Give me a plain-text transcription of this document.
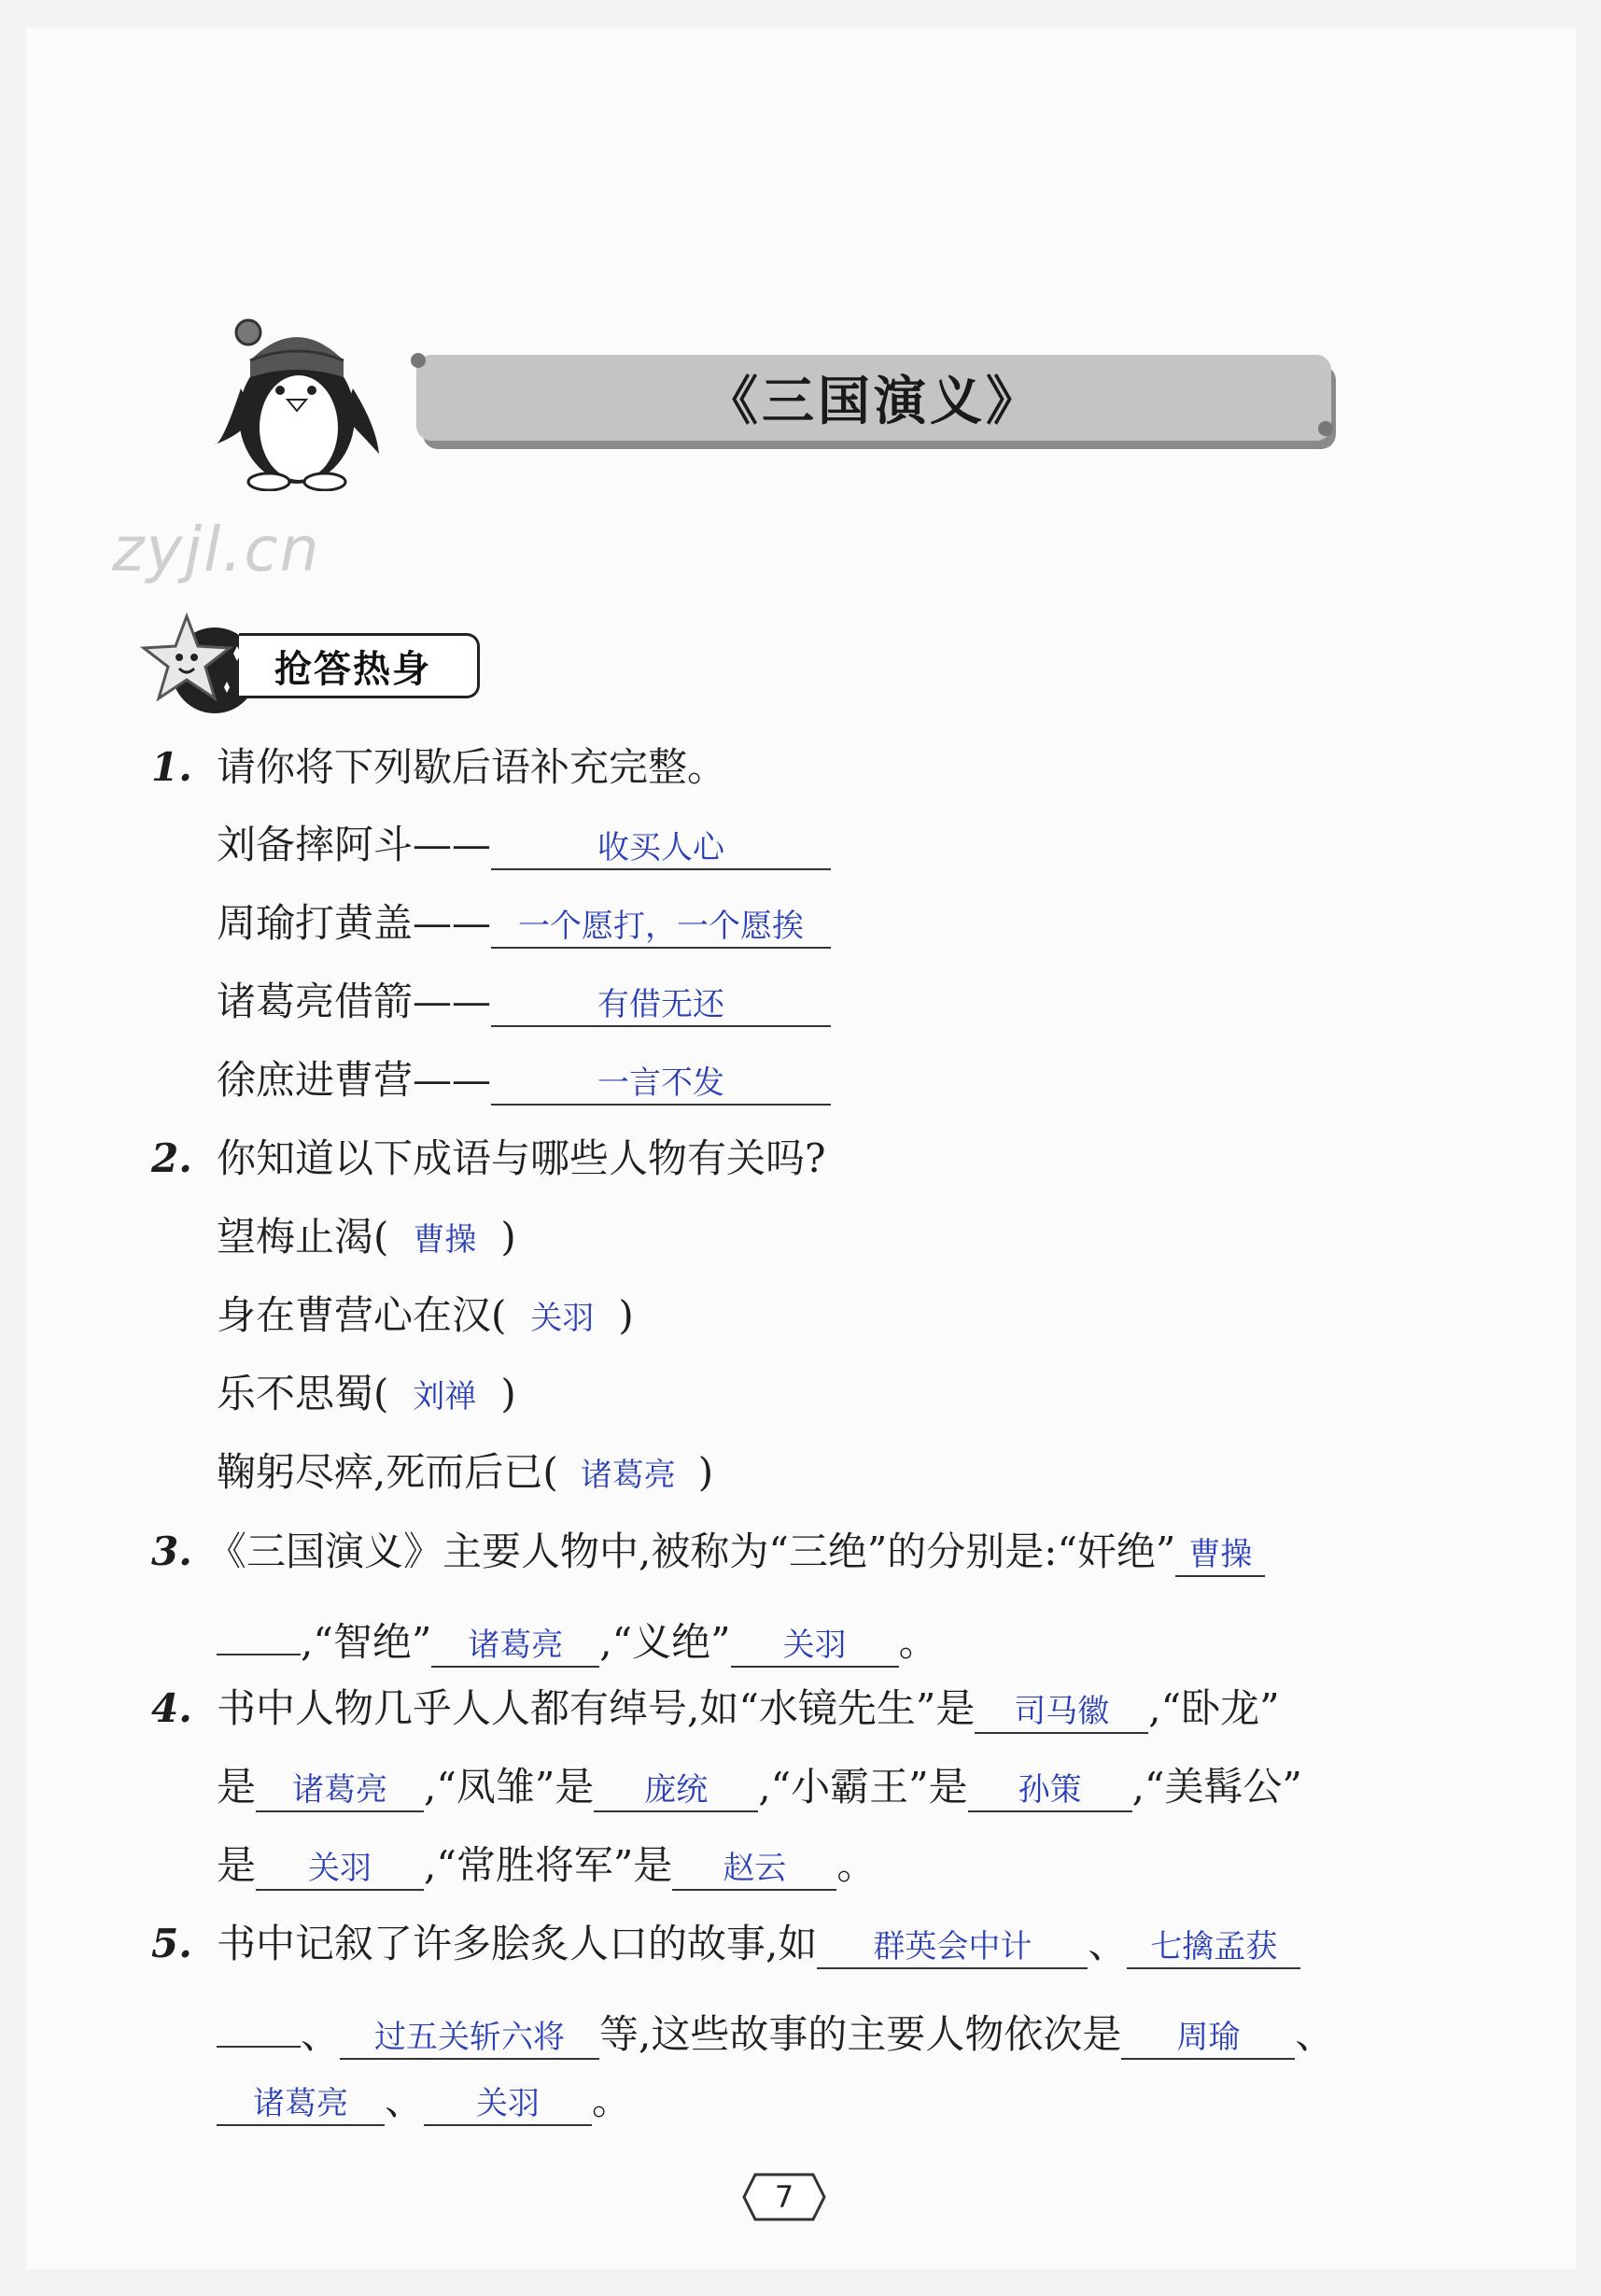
《三国演义》
zyjl.cn
抢答热身
1. 请你将下列歇后语补充完整。
刘备摔阿斗——	收买人心
周瑜打黄盖—— 一个愿打，一个愿挨
诸葛亮借箭——	有借无还
徐庶进曹营——	一言不发
2. 你知道以下成语与哪些人物有关吗?
望梅止渴( 曹操 )
身在曹营心在汉( 关羽 )
乐不思蜀( 刘禅 )
鞠躬尽瘁,死而后已( 诸葛亮 )
3. 《三国演义》主要人物中,被称为“三绝”的分别是:“奸绝” 曹操
,“智绝” 诸葛亮 ,“义绝” 关羽 。
4. 书中人物几乎人人都有绰号,如“水镜先生”是 司马徽 ,“卧龙”
是 诸葛亮 ,“凤雏”是 庞统 ,“小霸王”是 孙策 ,“美髯公”
是 关羽 ,“常胜将军”是 赵云 。
5. 书中记叙了许多脍炙人口的故事,如 群英会中计 、 七擒孟获
、 过五关斩六将 等,这些故事的主要人物依次是 周瑜 、
诸葛亮 、 关羽 。
7
